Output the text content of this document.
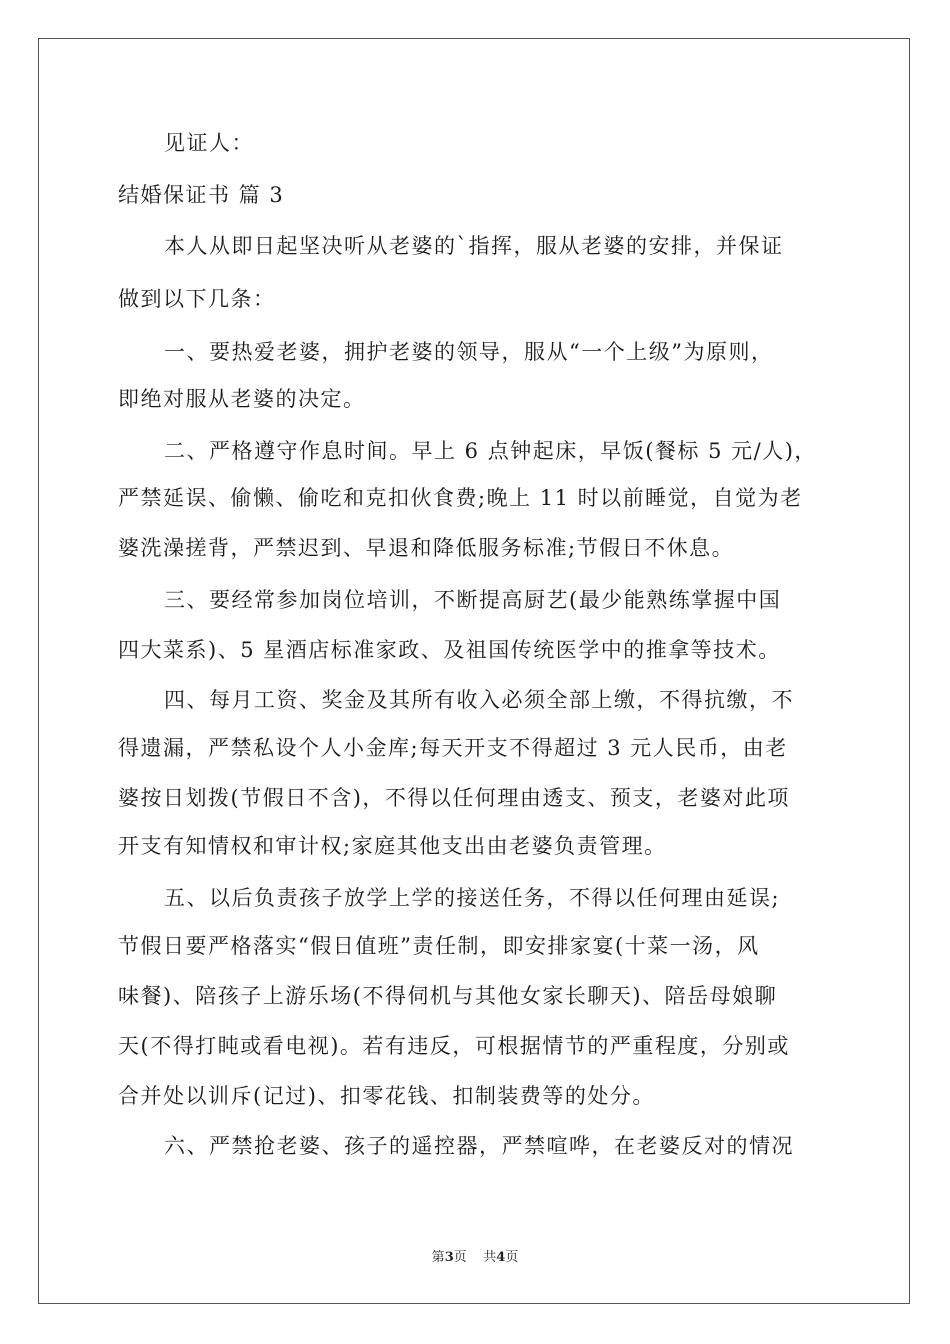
见证人：
结婚保证书 篇 3
本人从即日起坚决听从老婆的`指挥，服从老婆的安排，并保证
做到以下几条：
一、要热爱老婆，拥护老婆的领导，服从“一个上级”为原则，
即绝对服从老婆的决定。
二、严格遵守作息时间。早上 6 点钟起床，早饭(餐标 5 元/人)，
严禁延误、偷懒、偷吃和克扣伙食费;晚上 11 时以前睡觉，自觉为老
婆洗澡搓背，严禁迟到、早退和降低服务标准;节假日不休息。
三、要经常参加岗位培训，不断提高厨艺(最少能熟练掌握中国
四大菜系)、5 星酒店标准家政、及祖国传统医学中的推拿等技术。
四、每月工资、奖金及其所有收入必须全部上缴，不得抗缴，不
得遗漏，严禁私设个人小金库;每天开支不得超过 3 元人民币，由老
婆按日划拨(节假日不含)，不得以任何理由透支、预支，老婆对此项
开支有知情权和审计权;家庭其他支出由老婆负责管理。
五、以后负责孩子放学上学的接送任务，不得以任何理由延误;
节假日要严格落实“假日值班”责任制，即安排家宴(十菜一汤，风
味餐)、陪孩子上游乐场(不得伺机与其他女家长聊天)、陪岳母娘聊
天(不得打盹或看电视)。若有违反，可根据情节的严重程度，分别或
合并处以训斥(记过)、扣零花钱、扣制装费等的处分。
六、严禁抢老婆、孩子的遥控器，严禁喧哗，在老婆反对的情况
第3页    共4页
